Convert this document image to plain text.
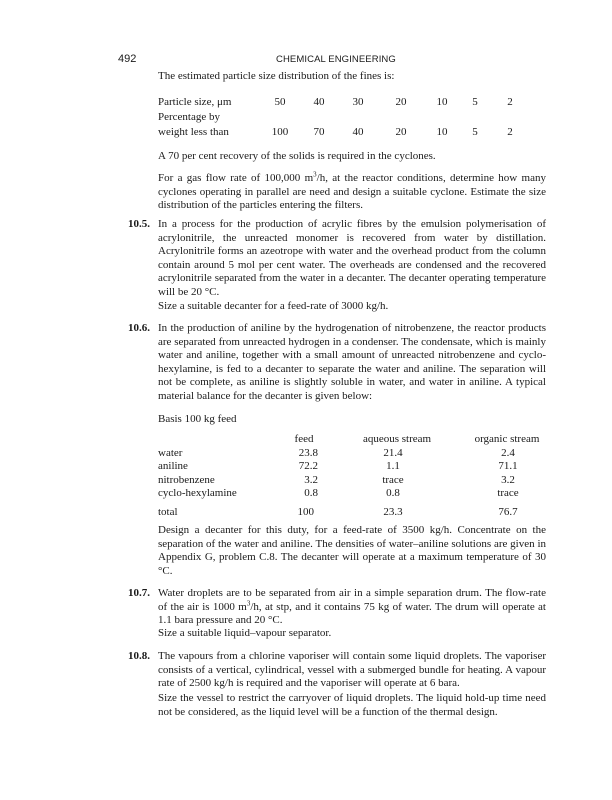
492	CHEMICAL ENGINEERING

The estimated particle size distribution of the fines is:

Particle size, μm	50	40	30	20	10	5	2
Percentage by
weight less than	100	70	40	20	10	5	2

A 70 per cent recovery of the solids is required in the cyclones.

For a gas flow rate of 100,000 $m^3/h$, at the reactor conditions, determine how many cyclones operating in parallel are need and design a suitable cyclone. Estimate the size distribution of the particles entering the filters.

10.5. In a process for the production of acrylic fibres by the emulsion polymerisation of acrylonitrile, the unreacted monomer is recovered from water by distillation. Acrylonitrile forms an azeotrope with water and the overhead product from the column contain around 5 mol per cent water. The overheads are condensed and the recovered acrylonitrile separated from the water in a decanter. The decanter operating temperature will be 20 °C.

Size a suitable decanter for a feed-rate of 3000 kg/h.

10.6. In the production of aniline by the hydrogenation of nitrobenzene, the reactor products are separated from unreacted hydrogen in a condenser. The condensate, which is mainly water and aniline, together with a small amount of unreacted nitrobenzene and cyclo-hexylamine, is fed to a decanter to separate the water and aniline. The separation will not be complete, as aniline is slightly soluble in water, and water in aniline. A typical material balance for the decanter is given below:

Basis 100 kg feed

feed	aqueous stream	organic stream
water	23.8	21.4	2.4
aniline	72.2	1.1	71.1
nitrobenzene	3.2	trace	3.2
cyclo-hexylamine	0.8	0.8	trace
total	100	23.3	76.7

Design a decanter for this duty, for a feed-rate of 3500 kg/h. Concentrate on the separation of the water and aniline. The densities of water–aniline solutions are given in Appendix G, problem C.8. The decanter will operate at a maximum temperature of 30 °C.

10.7. Water droplets are to be separated from air in a simple separation drum. The flow-rate of the air is 1000 $m^3/h$, at stp, and it contains 75 kg of water. The drum will operate at 1.1 bara pressure and 20 °C.

Size a suitable liquid–vapour separator.

10.8. The vapours from a chlorine vaporiser will contain some liquid droplets. The vaporiser consists of a vertical, cylindrical, vessel with a submerged bundle for heating. A vapour rate of 2500 kg/h is required and the vaporiser will operate at 6 bara.

Size the vessel to restrict the carryover of liquid droplets. The liquid hold-up time need not be considered, as the liquid level will be a function of the thermal design.
